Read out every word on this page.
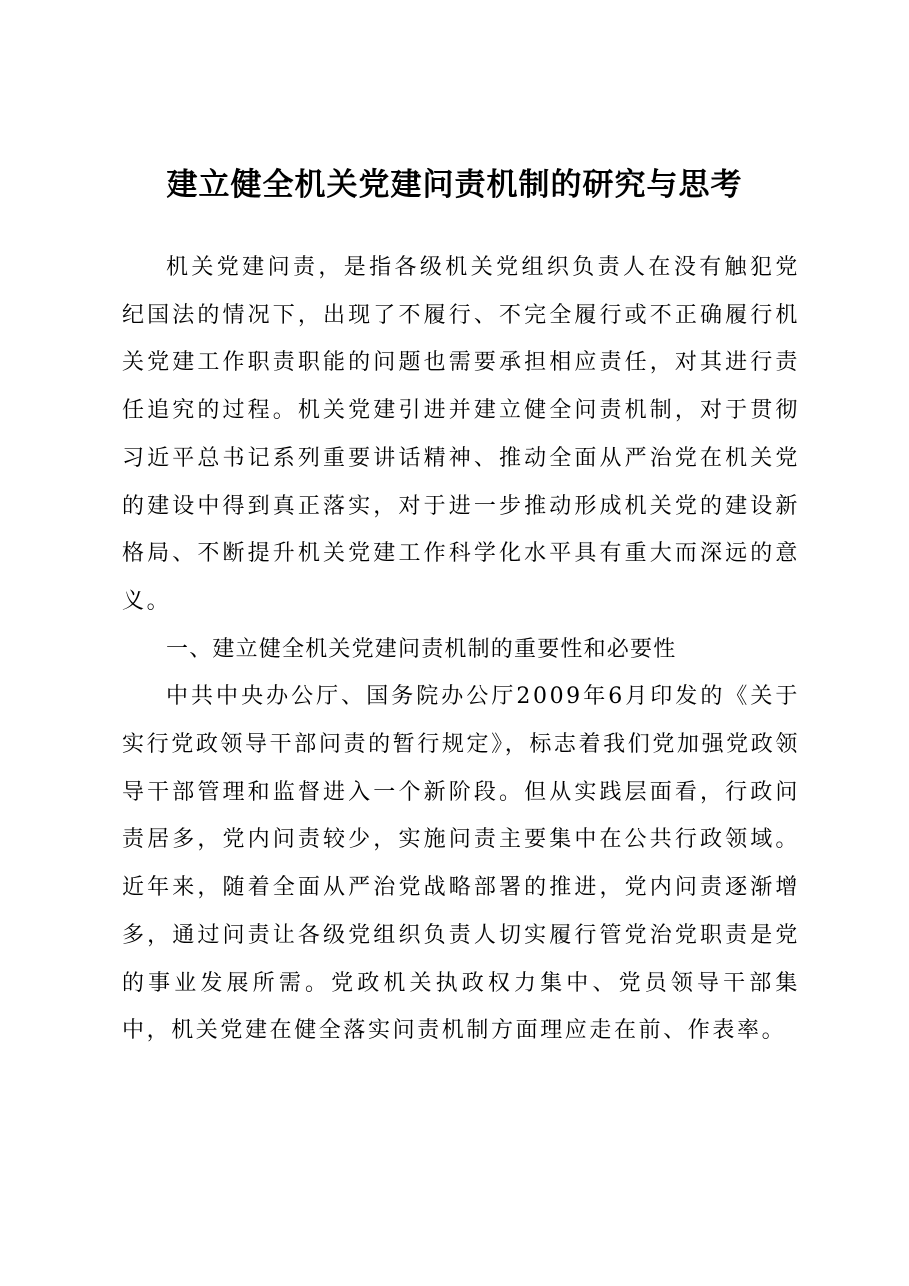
建立健全机关党建问责机制的研究与思考

机关党建问责，是指各级机关党组织负责人在没有触犯党纪国法的情况下，出现了不履行、不完全履行或不正确履行机关党建工作职责职能的问题也需要承担相应责任，对其进行责任追究的过程。机关党建引进并建立健全问责机制，对于贯彻习近平总书记系列重要讲话精神、推动全面从严治党在机关党的建设中得到真正落实，对于进一步推动形成机关党的建设新格局、不断提升机关党建工作科学化水平具有重大而深远的意义。

一、建立健全机关党建问责机制的重要性和必要性

中共中央办公厅、国务院办公厅2009年6月印发的《关于实行党政领导干部问责的暂行规定》，标志着我们党加强党政领导干部管理和监督进入一个新阶段。但从实践层面看，行政问责居多，党内问责较少，实施问责主要集中在公共行政领域。近年来，随着全面从严治党战略部署的推进，党内问责逐渐增多，通过问责让各级党组织负责人切实履行管党治党职责是党的事业发展所需。党政机关执政权力集中、党员领导干部集中，机关党建在健全落实问责机制方面理应走在前、作表率。
